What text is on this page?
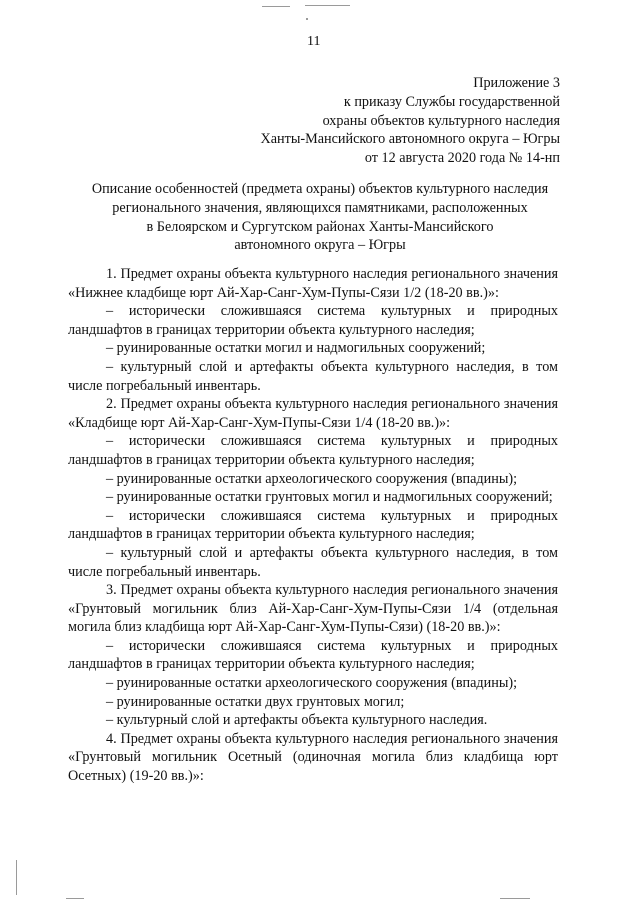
11
Приложение 3
к приказу Службы государственной
охраны объектов культурного наследия
Ханты-Мансийского автономного округа – Югры
от 12 августа 2020 года № 14-нп
Описание особенностей (предмета охраны) объектов культурного наследия
регионального значения, являющихся памятниками, расположенных
в Белоярском и Сургутском районах Ханты-Мансийского
автономного округа – Югры

1. Предмет охраны объекта культурного наследия регионального значения «Нижнее кладбище юрт Ай-Хар-Санг-Хум-Пупы-Сязи 1/2 (18-20 вв.)»:

– исторически сложившаяся система культурных и природных ландшафтов в границах территории объекта культурного наследия;

– руинированные остатки могил и надмогильных сооружений;

– культурный слой и артефакты объекта культурного наследия, в том числе погребальный инвентарь.

2. Предмет охраны объекта культурного наследия регионального значения «Кладбище юрт Ай-Хар-Санг-Хум-Пупы-Сязи 1/4 (18-20 вв.)»:

– исторически сложившаяся система культурных и природных ландшафтов в границах территории объекта культурного наследия;

– руинированные остатки археологического сооружения (впадины);

– руинированные остатки грунтовых могил и надмогильных сооружений;

– исторически сложившаяся система культурных и природных ландшафтов в границах территории объекта культурного наследия;

– культурный слой и артефакты объекта культурного наследия, в том числе погребальный инвентарь.

3. Предмет охраны объекта культурного наследия регионального значения «Грунтовый могильник близ Ай-Хар-Санг-Хум-Пупы-Сязи 1/4 (отдельная могила близ кладбища юрт Ай-Хар-Санг-Хум-Пупы-Сязи) (18-20 вв.)»:

– исторически сложившаяся система культурных и природных ландшафтов в границах территории объекта культурного наследия;

– руинированные остатки археологического сооружения (впадины);

– руинированные остатки двух грунтовых могил;

– культурный слой и артефакты объекта культурного наследия.

4. Предмет охраны объекта культурного наследия регионального значения «Грунтовый могильник Осетный (одиночная могила близ кладбища юрт Осетных) (19-20 вв.)»:
